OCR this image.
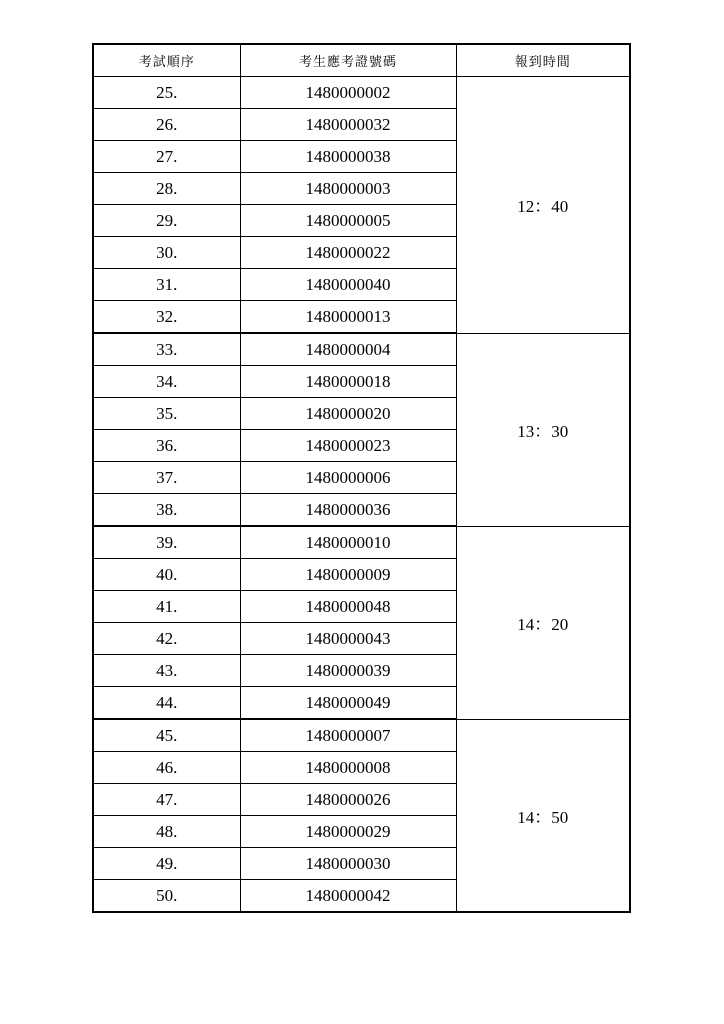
考試順序	考生應考證號碼	報到時間
25.	1480000002	12：40
26.	1480000032	
27.	1480000038	
28.	1480000003	
29.	1480000005	
30.	1480000022	
31.	1480000040	
32.	1480000013	
33.	1480000004	13：30
34.	1480000018	
35.	1480000020	
36.	1480000023	
37.	1480000006	
38.	1480000036	
39.	1480000010	14：20
40.	1480000009	
41.	1480000048	
42.	1480000043	
43.	1480000039	
44.	1480000049	
45.	1480000007	14：50
46.	1480000008	
47.	1480000026	
48.	1480000029	
49.	1480000030	
50.	1480000042	
